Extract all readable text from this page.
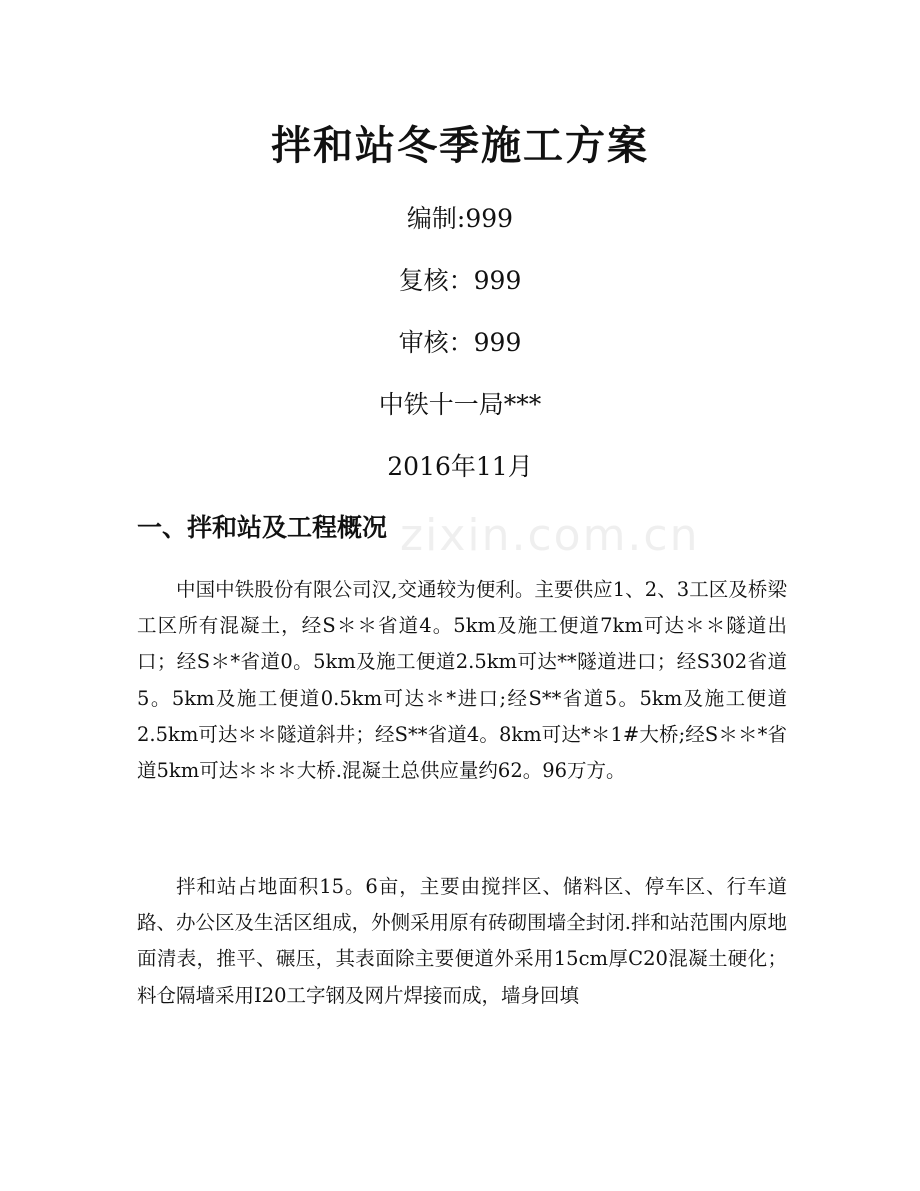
zixin.com.cn
拌和站冬季施工方案
编制:999
复核：999
审核：999
中铁十一局***
2016年11月
一、拌和站及工程概况

中国中铁股份有限公司汉,交通较为便利。主要供应1、2、3工区及桥梁工区所有混凝土，经S＊＊省道4。5km及施工便道7km可达＊＊隧道出口；经S＊*省道0。5km及施工便道2.5km可达**隧道进口；经S302省道5。5km及施工便道0.5km可达＊*进口;经S**省道5。5km及施工便道2.5km可达＊＊隧道斜井；经S**省道4。8km可达*＊1#大桥;经S＊＊*省道5km可达＊＊＊大桥.混凝土总供应量约62。96万方。

拌和站占地面积15。6亩，主要由搅拌区、储料区、停车区、行车道路、办公区及生活区组成，外侧采用原有砖砌围墙全封闭.拌和站范围内原地面清表，推平、碾压，其表面除主要便道外采用15cm厚C20混凝土硬化；料仓隔墙采用I20工字钢及网片焊接而成，墙身回填
